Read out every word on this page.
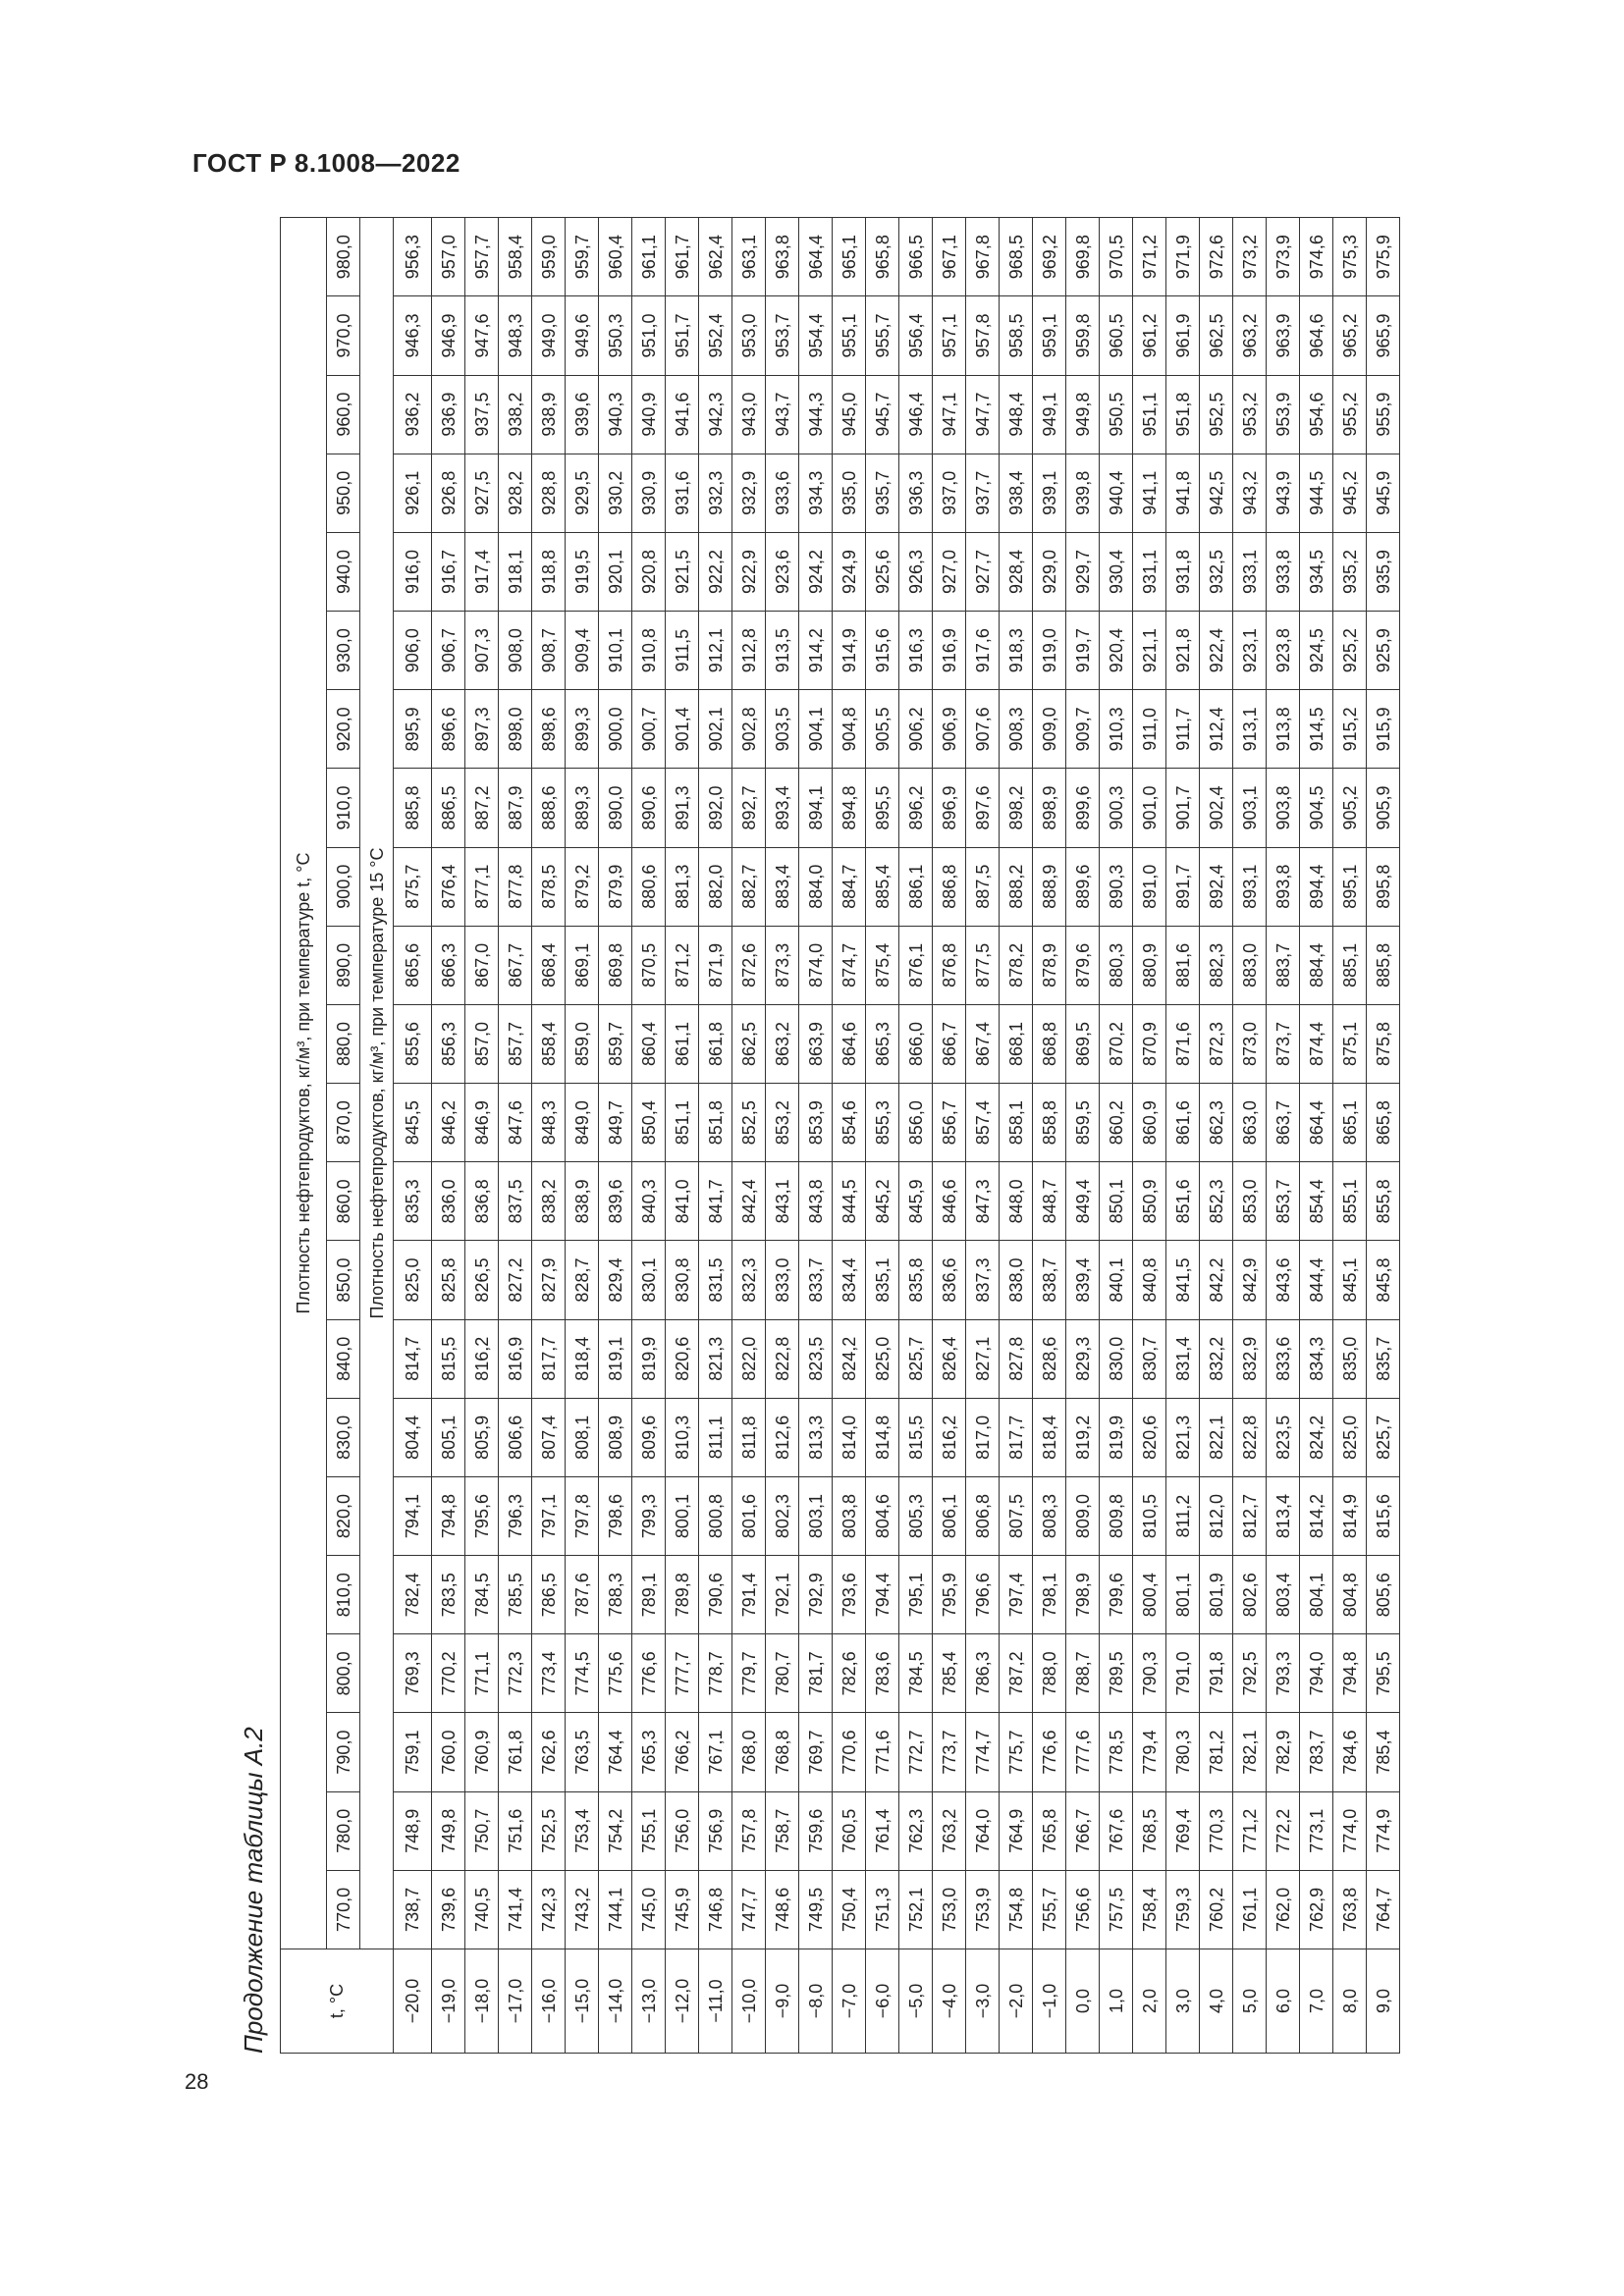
ГОСТ Р 8.1008—2022
Продолжение таблицы А.2	t, °C	Плотность нефтепродуктов, кг/м³, при температуре t, °C																					
	770,0	780,0	790,0	800,0	810,0	820,0	830,0	840,0	850,0	860,0	870,0	880,0	890,0	900,0	910,0	920,0	930,0	940,0	950,0	960,0	970,0	980,0
	Плотность нефтепродуктов, кг/м³, при температуре 15 °C																					
−20,0	738,7	748,9	759,1	769,3	782,4	794,1	804,4	814,7	825,0	835,3	845,5	855,6	865,6	875,7	885,8	895,9	906,0	916,0	926,1	936,2	946,3	956,3
−19,0	739,6	749,8	760,0	770,2	783,5	794,8	805,1	815,5	825,8	836,0	846,2	856,3	866,3	876,4	886,5	896,6	906,7	916,7	926,8	936,9	946,9	957,0
−18,0	740,5	750,7	760,9	771,1	784,5	795,6	805,9	816,2	826,5	836,8	846,9	857,0	867,0	877,1	887,2	897,3	907,3	917,4	927,5	937,5	947,6	957,7
−17,0	741,4	751,6	761,8	772,3	785,5	796,3	806,6	816,9	827,2	837,5	847,6	857,7	867,7	877,8	887,9	898,0	908,0	918,1	928,2	938,2	948,3	958,4
−16,0	742,3	752,5	762,6	773,4	786,5	797,1	807,4	817,7	827,9	838,2	848,3	858,4	868,4	878,5	888,6	898,6	908,7	918,8	928,8	938,9	949,0	959,0
−15,0	743,2	753,4	763,5	774,5	787,6	797,8	808,1	818,4	828,7	838,9	849,0	859,0	869,1	879,2	889,3	899,3	909,4	919,5	929,5	939,6	949,6	959,7
−14,0	744,1	754,2	764,4	775,6	788,3	798,6	808,9	819,1	829,4	839,6	849,7	859,7	869,8	879,9	890,0	900,0	910,1	920,1	930,2	940,3	950,3	960,4
−13,0	745,0	755,1	765,3	776,6	789,1	799,3	809,6	819,9	830,1	840,3	850,4	860,4	870,5	880,6	890,6	900,7	910,8	920,8	930,9	940,9	951,0	961,1
−12,0	745,9	756,0	766,2	777,7	789,8	800,1	810,3	820,6	830,8	841,0	851,1	861,1	871,2	881,3	891,3	901,4	911,5	921,5	931,6	941,6	951,7	961,7
−11,0	746,8	756,9	767,1	778,7	790,6	800,8	811,1	821,3	831,5	841,7	851,8	861,8	871,9	882,0	892,0	902,1	912,1	922,2	932,3	942,3	952,4	962,4
−10,0	747,7	757,8	768,0	779,7	791,4	801,6	811,8	822,0	832,3	842,4	852,5	862,5	872,6	882,7	892,7	902,8	912,8	922,9	932,9	943,0	953,0	963,1
−9,0	748,6	758,7	768,8	780,7	792,1	802,3	812,6	822,8	833,0	843,1	853,2	863,2	873,3	883,4	893,4	903,5	913,5	923,6	933,6	943,7	953,7	963,8
−8,0	749,5	759,6	769,7	781,7	792,9	803,1	813,3	823,5	833,7	843,8	853,9	863,9	874,0	884,0	894,1	904,1	914,2	924,2	934,3	944,3	954,4	964,4
−7,0	750,4	760,5	770,6	782,6	793,6	803,8	814,0	824,2	834,4	844,5	854,6	864,6	874,7	884,7	894,8	904,8	914,9	924,9	935,0	945,0	955,1	965,1
−6,0	751,3	761,4	771,6	783,6	794,4	804,6	814,8	825,0	835,1	845,2	855,3	865,3	875,4	885,4	895,5	905,5	915,6	925,6	935,7	945,7	955,7	965,8
−5,0	752,1	762,3	772,7	784,5	795,1	805,3	815,5	825,7	835,8	845,9	856,0	866,0	876,1	886,1	896,2	906,2	916,3	926,3	936,3	946,4	956,4	966,5
−4,0	753,0	763,2	773,7	785,4	795,9	806,1	816,2	826,4	836,6	846,6	856,7	866,7	876,8	886,8	896,9	906,9	916,9	927,0	937,0	947,1	957,1	967,1
−3,0	753,9	764,0	774,7	786,3	796,6	806,8	817,0	827,1	837,3	847,3	857,4	867,4	877,5	887,5	897,6	907,6	917,6	927,7	937,7	947,7	957,8	967,8
−2,0	754,8	764,9	775,7	787,2	797,4	807,5	817,7	827,8	838,0	848,0	858,1	868,1	878,2	888,2	898,2	908,3	918,3	928,4	938,4	948,4	958,5	968,5
−1,0	755,7	765,8	776,6	788,0	798,1	808,3	818,4	828,6	838,7	848,7	858,8	868,8	878,9	888,9	898,9	909,0	919,0	929,0	939,1	949,1	959,1	969,2
0,0	756,6	766,7	777,6	788,7	798,9	809,0	819,2	829,3	839,4	849,4	859,5	869,5	879,6	889,6	899,6	909,7	919,7	929,7	939,8	949,8	959,8	969,8
1,0	757,5	767,6	778,5	789,5	799,6	809,8	819,9	830,0	840,1	850,1	860,2	870,2	880,3	890,3	900,3	910,3	920,4	930,4	940,4	950,5	960,5	970,5
2,0	758,4	768,5	779,4	790,3	800,4	810,5	820,6	830,7	840,8	850,9	860,9	870,9	880,9	891,0	901,0	911,0	921,1	931,1	941,1	951,1	961,2	971,2
3,0	759,3	769,4	780,3	791,0	801,1	811,2	821,3	831,4	841,5	851,6	861,6	871,6	881,6	891,7	901,7	911,7	921,8	931,8	941,8	951,8	961,9	971,9
4,0	760,2	770,3	781,2	791,8	801,9	812,0	822,1	832,2	842,2	852,3	862,3	872,3	882,3	892,4	902,4	912,4	922,4	932,5	942,5	952,5	962,5	972,6
5,0	761,1	771,2	782,1	792,5	802,6	812,7	822,8	832,9	842,9	853,0	863,0	873,0	883,0	893,1	903,1	913,1	923,1	933,1	943,2	953,2	963,2	973,2
6,0	762,0	772,2	782,9	793,3	803,4	813,4	823,5	833,6	843,6	853,7	863,7	873,7	883,7	893,8	903,8	913,8	923,8	933,8	943,9	953,9	963,9	973,9
7,0	762,9	773,1	783,7	794,0	804,1	814,2	824,2	834,3	844,4	854,4	864,4	874,4	884,4	894,4	904,5	914,5	924,5	934,5	944,5	954,6	964,6	974,6
8,0	763,8	774,0	784,6	794,8	804,8	814,9	825,0	835,0	845,1	855,1	865,1	875,1	885,1	895,1	905,2	915,2	925,2	935,2	945,2	955,2	965,2	975,3
9,0	764,7	774,9	785,4	795,5	805,6	815,6	825,7	835,7	845,8	855,8	865,8	875,8	885,8	895,8	905,9	915,9	925,9	935,9	945,9	955,9	965,9	975,9
28
